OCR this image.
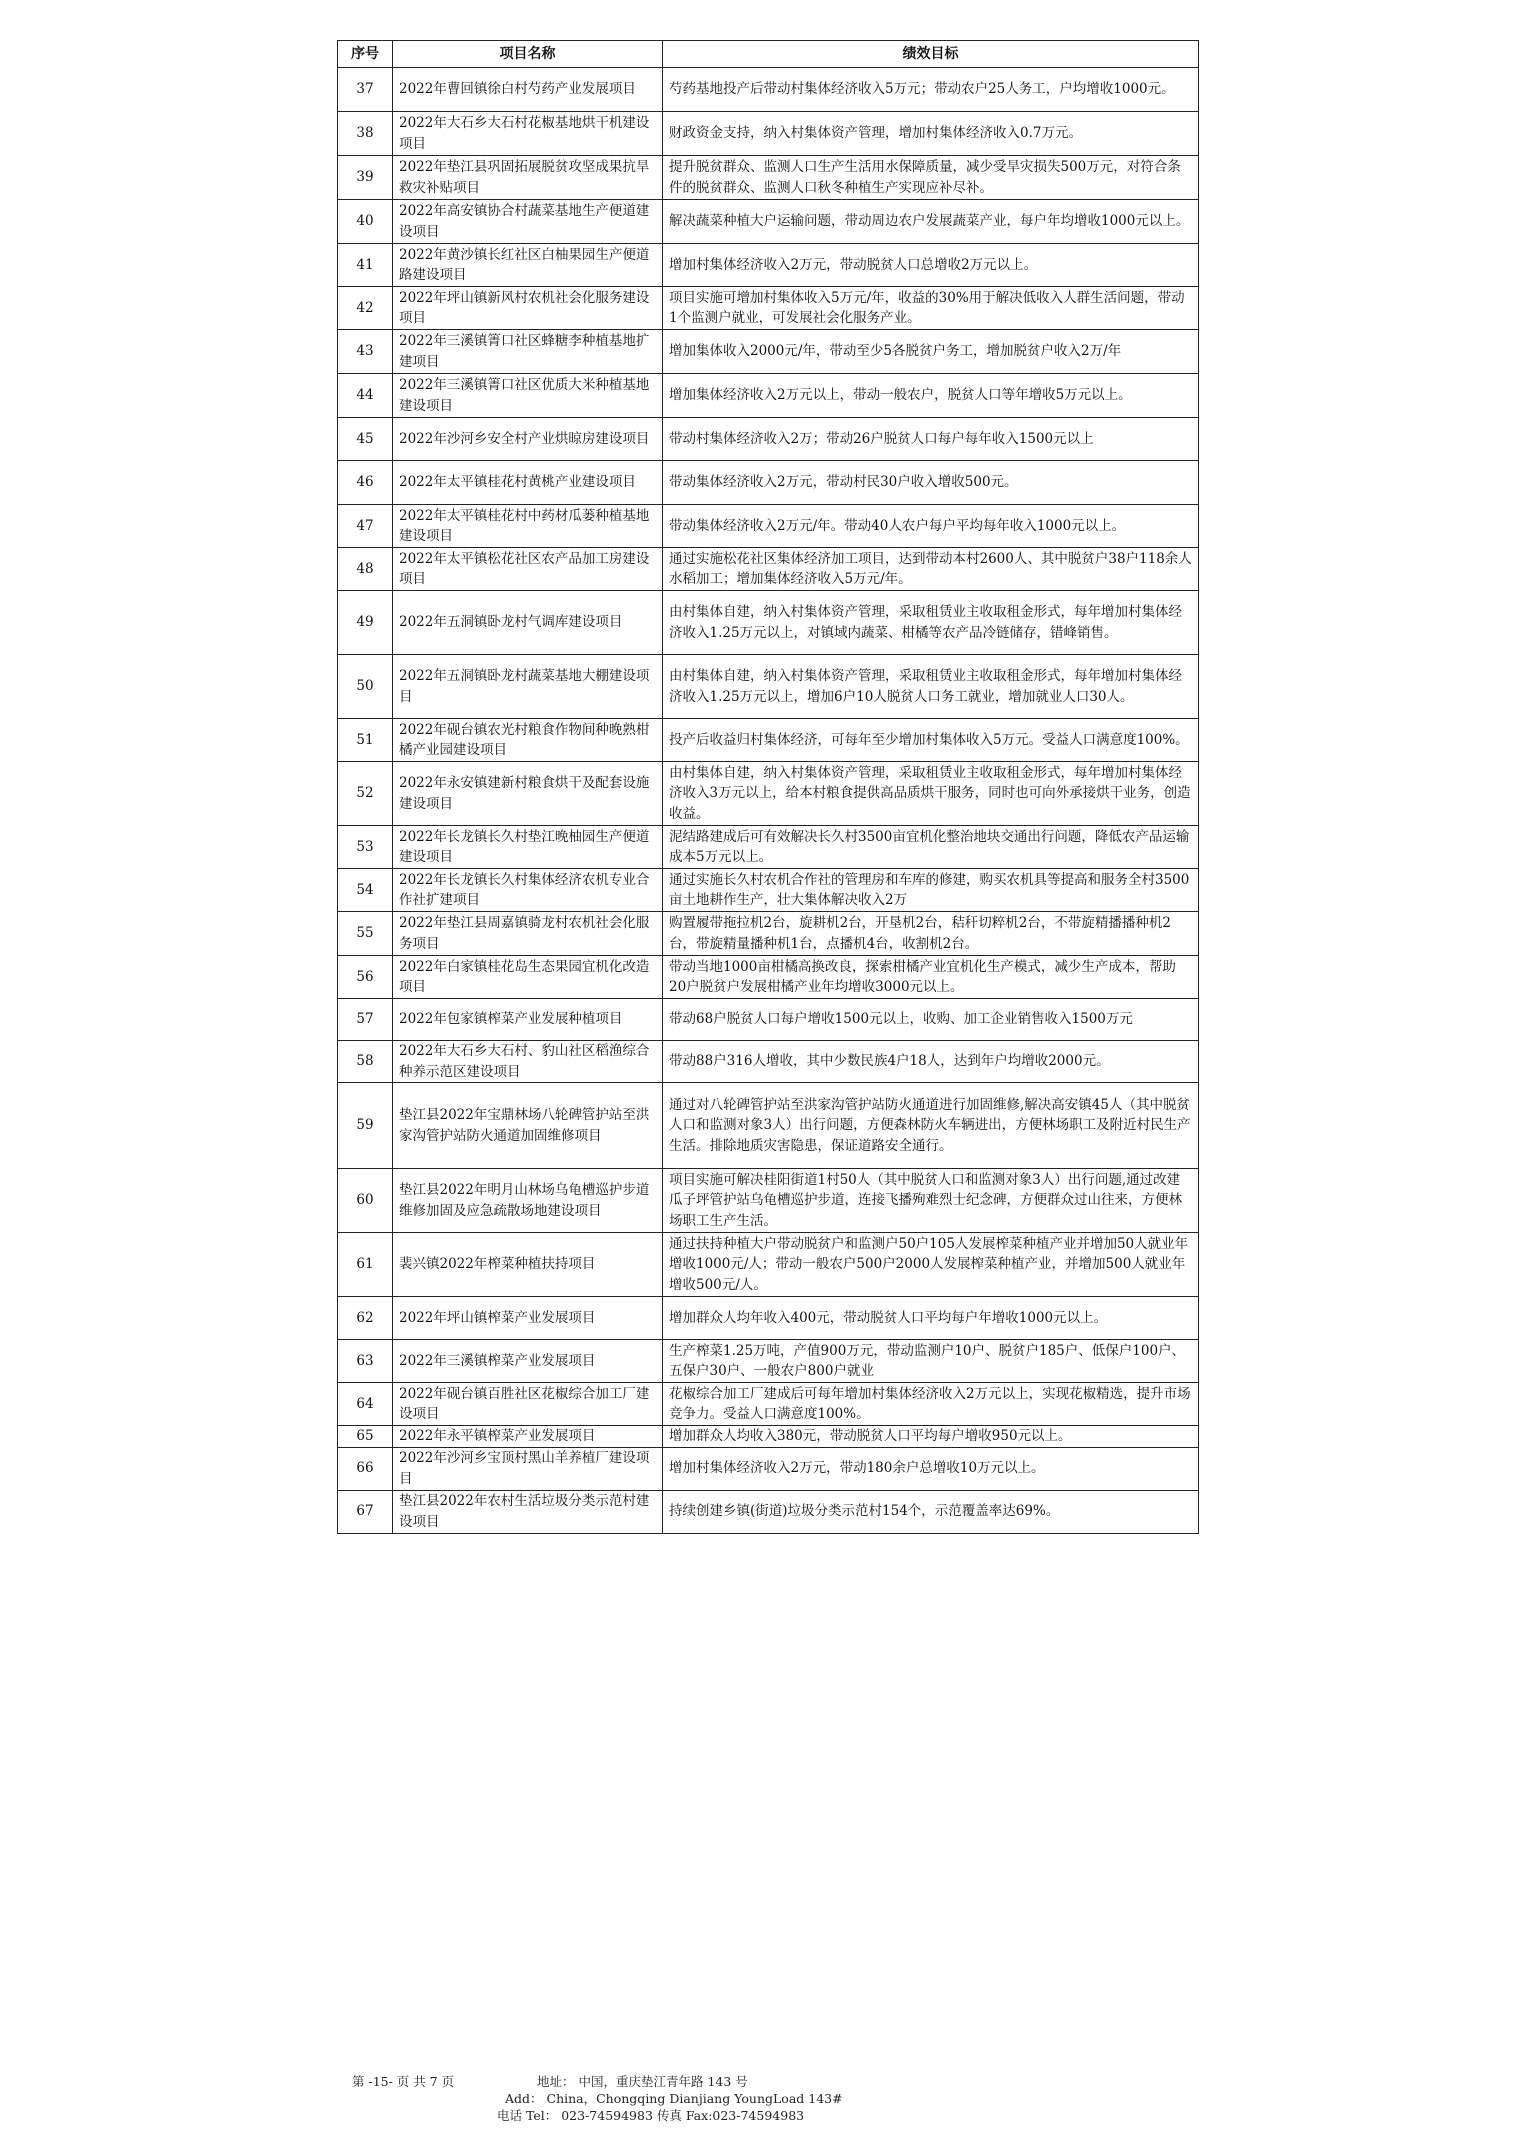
序号	项目名称	绩效目标
37	2022年曹回镇徐白村芍药产业发展项目	芍药基地投产后带动村集体经济收入5万元；带动农户25人务工，户均增收1000元。
38	2022年大石乡大石村花椒基地烘干机建设项目	财政资金支持，纳入村集体资产管理，增加村集体经济收入0.7万元。
39	2022年垫江县巩固拓展脱贫攻坚成果抗旱救灾补贴项目	提升脱贫群众、监测人口生产生活用水保障质量，减少受旱灾损失500万元，对符合条件的脱贫群众、监测人口秋冬种植生产实现应补尽补。
40	2022年高安镇协合村蔬菜基地生产便道建设项目	解决蔬菜种植大户运输问题，带动周边农户发展蔬菜产业，每户年均增收1000元以上。
41	2022年黄沙镇长红社区白柚果园生产便道路建设项目	增加村集体经济收入2万元，带动脱贫人口总增收2万元以上。
42	2022年坪山镇新风村农机社会化服务建设项目	项目实施可增加村集体收入5万元/年，收益的30%用于解决低收入人群生活问题，带动1个监测户就业，可发展社会化服务产业。
43	2022年三溪镇箐口社区蜂糖李种植基地扩建项目	增加集体收入2000元/年，带动至少5各脱贫户务工，增加脱贫户收入2万/年
44	2022年三溪镇箐口社区优质大米种植基地建设项目	增加集体经济收入2万元以上，带动一般农户，脱贫人口等年增收5万元以上。
45	2022年沙河乡安全村产业烘晾房建设项目	带动村集体经济收入2万；带动26户脱贫人口每户每年收入1500元以上
46	2022年太平镇桂花村黄桃产业建设项目	带动集体经济收入2万元，带动村民30户收入增收500元。
47	2022年太平镇桂花村中药材瓜蒌种植基地建设项目	带动集体经济收入2万元/年。带动40人农户每户平均每年收入1000元以上。
48	2022年太平镇松花社区农产品加工房建设项目	通过实施松花社区集体经济加工项目，达到带动本村2600人、其中脱贫户38户118余人水稻加工；增加集体经济收入5万元/年。
49	2022年五洞镇卧龙村气调库建设项目	由村集体自建，纳入村集体资产管理，采取租赁业主收取租金形式，每年增加村集体经济收入1.25万元以上，对镇域内蔬菜、柑橘等农产品冷链储存，错峰销售。
50	2022年五洞镇卧龙村蔬菜基地大棚建设项目	由村集体自建，纳入村集体资产管理，采取租赁业主收取租金形式，每年增加村集体经济收入1.25万元以上，增加6户10人脱贫人口务工就业，增加就业人口30人。
51	2022年砚台镇农光村粮食作物间种晚熟柑橘产业园建设项目	投产后收益归村集体经济，可每年至少增加村集体收入5万元。受益人口满意度100%。
52	2022年永安镇建新村粮食烘干及配套设施建设项目	由村集体自建，纳入村集体资产管理，采取租赁业主收取租金形式，每年增加村集体经济收入3万元以上，给本村粮食提供高品质烘干服务，同时也可向外承接烘干业务，创造收益。
53	2022年长龙镇长久村垫江晚柚园生产便道建设项目	泥结路建成后可有效解决长久村3500亩宜机化整治地块交通出行问题，降低农产品运输成本5万元以上。
54	2022年长龙镇长久村集体经济农机专业合作社扩建项目	通过实施长久村农机合作社的管理房和车库的修建，购买农机具等提高和服务全村3500亩土地耕作生产，壮大集体解决收入2万
55	2022年垫江县周嘉镇骑龙村农机社会化服务项目	购置履带拖拉机2台，旋耕机2台，开垦机2台，秸秆切粹机2台，不带旋精播播种机2台，带旋精量播种机1台，点播机4台，收割机2台。
56	2022年白家镇桂花岛生态果园宜机化改造项目	带动当地1000亩柑橘高换改良，探索柑橘产业宜机化生产模式，减少生产成本，帮助20户脱贫户发展柑橘产业年均增收3000元以上。
57	2022年包家镇榨菜产业发展种植项目	带动68户脱贫人口每户增收1500元以上，收购、加工企业销售收入1500万元
58	2022年大石乡大石村、豹山社区稻渔综合种养示范区建设项目	带动88户316人增收，其中少数民族4户18人，达到年户均增收2000元。
59	垫江县2022年宝鼎林场八轮碑管护站至洪家沟管护站防火通道加固维修项目	通过对八轮碑管护站至洪家沟管护站防火通道进行加固维修,解决高安镇45人（其中脱贫人口和监测对象3人）出行问题，方便森林防火车辆进出，方便林场职工及附近村民生产生活。排除地质灾害隐患，保证道路安全通行。
60	垫江县2022年明月山林场乌龟槽巡护步道维修加固及应急疏散场地建设项目	项目实施可解决桂阳街道1村50人（其中脱贫人口和监测对象3人）出行问题,通过改建瓜子坪管护站乌龟槽巡护步道，连接飞播殉难烈士纪念碑，方便群众过山往来，方便林场职工生产生活。
61	裴兴镇2022年榨菜种植扶持项目	通过扶持种植大户带动脱贫户和监测户50户105人发展榨菜种植产业并增加50人就业年增收1000元/人；带动一般农户500户2000人发展榨菜种植产业，并增加500人就业年增收500元/人。
62	2022年坪山镇榨菜产业发展项目	增加群众人均年收入400元，带动脱贫人口平均每户年增收1000元以上。
63	2022年三溪镇榨菜产业发展项目	生产榨菜1.25万吨，产值900万元，带动监测户10户、脱贫户185户、低保户100户、五保户30户、一般农户800户就业
64	2022年砚台镇百胜社区花椒综合加工厂建设项目	花椒综合加工厂建成后可每年增加村集体经济收入2万元以上，实现花椒精选，提升市场竞争力。受益人口满意度100%。
65	2022年永平镇榨菜产业发展项目	增加群众人均收入380元，带动脱贫人口平均每户增收950元以上。
66	2022年沙河乡宝顶村黑山羊养植厂建设项目	增加村集体经济收入2万元，带动180余户总增收10万元以上。
67	垫江县2022年农村生活垃圾分类示范村建设项目	持续创建乡镇(街道)垃圾分类示范村154个，示范覆盖率达69%。
第 -15- 页 共 7 页	地址： 中国，重庆垫江青年路 143 号
Add： China，Chongqing Dianjiang YoungLoad 143#
电话 Tel： 023-74594983 传真 Fax:023-74594983
